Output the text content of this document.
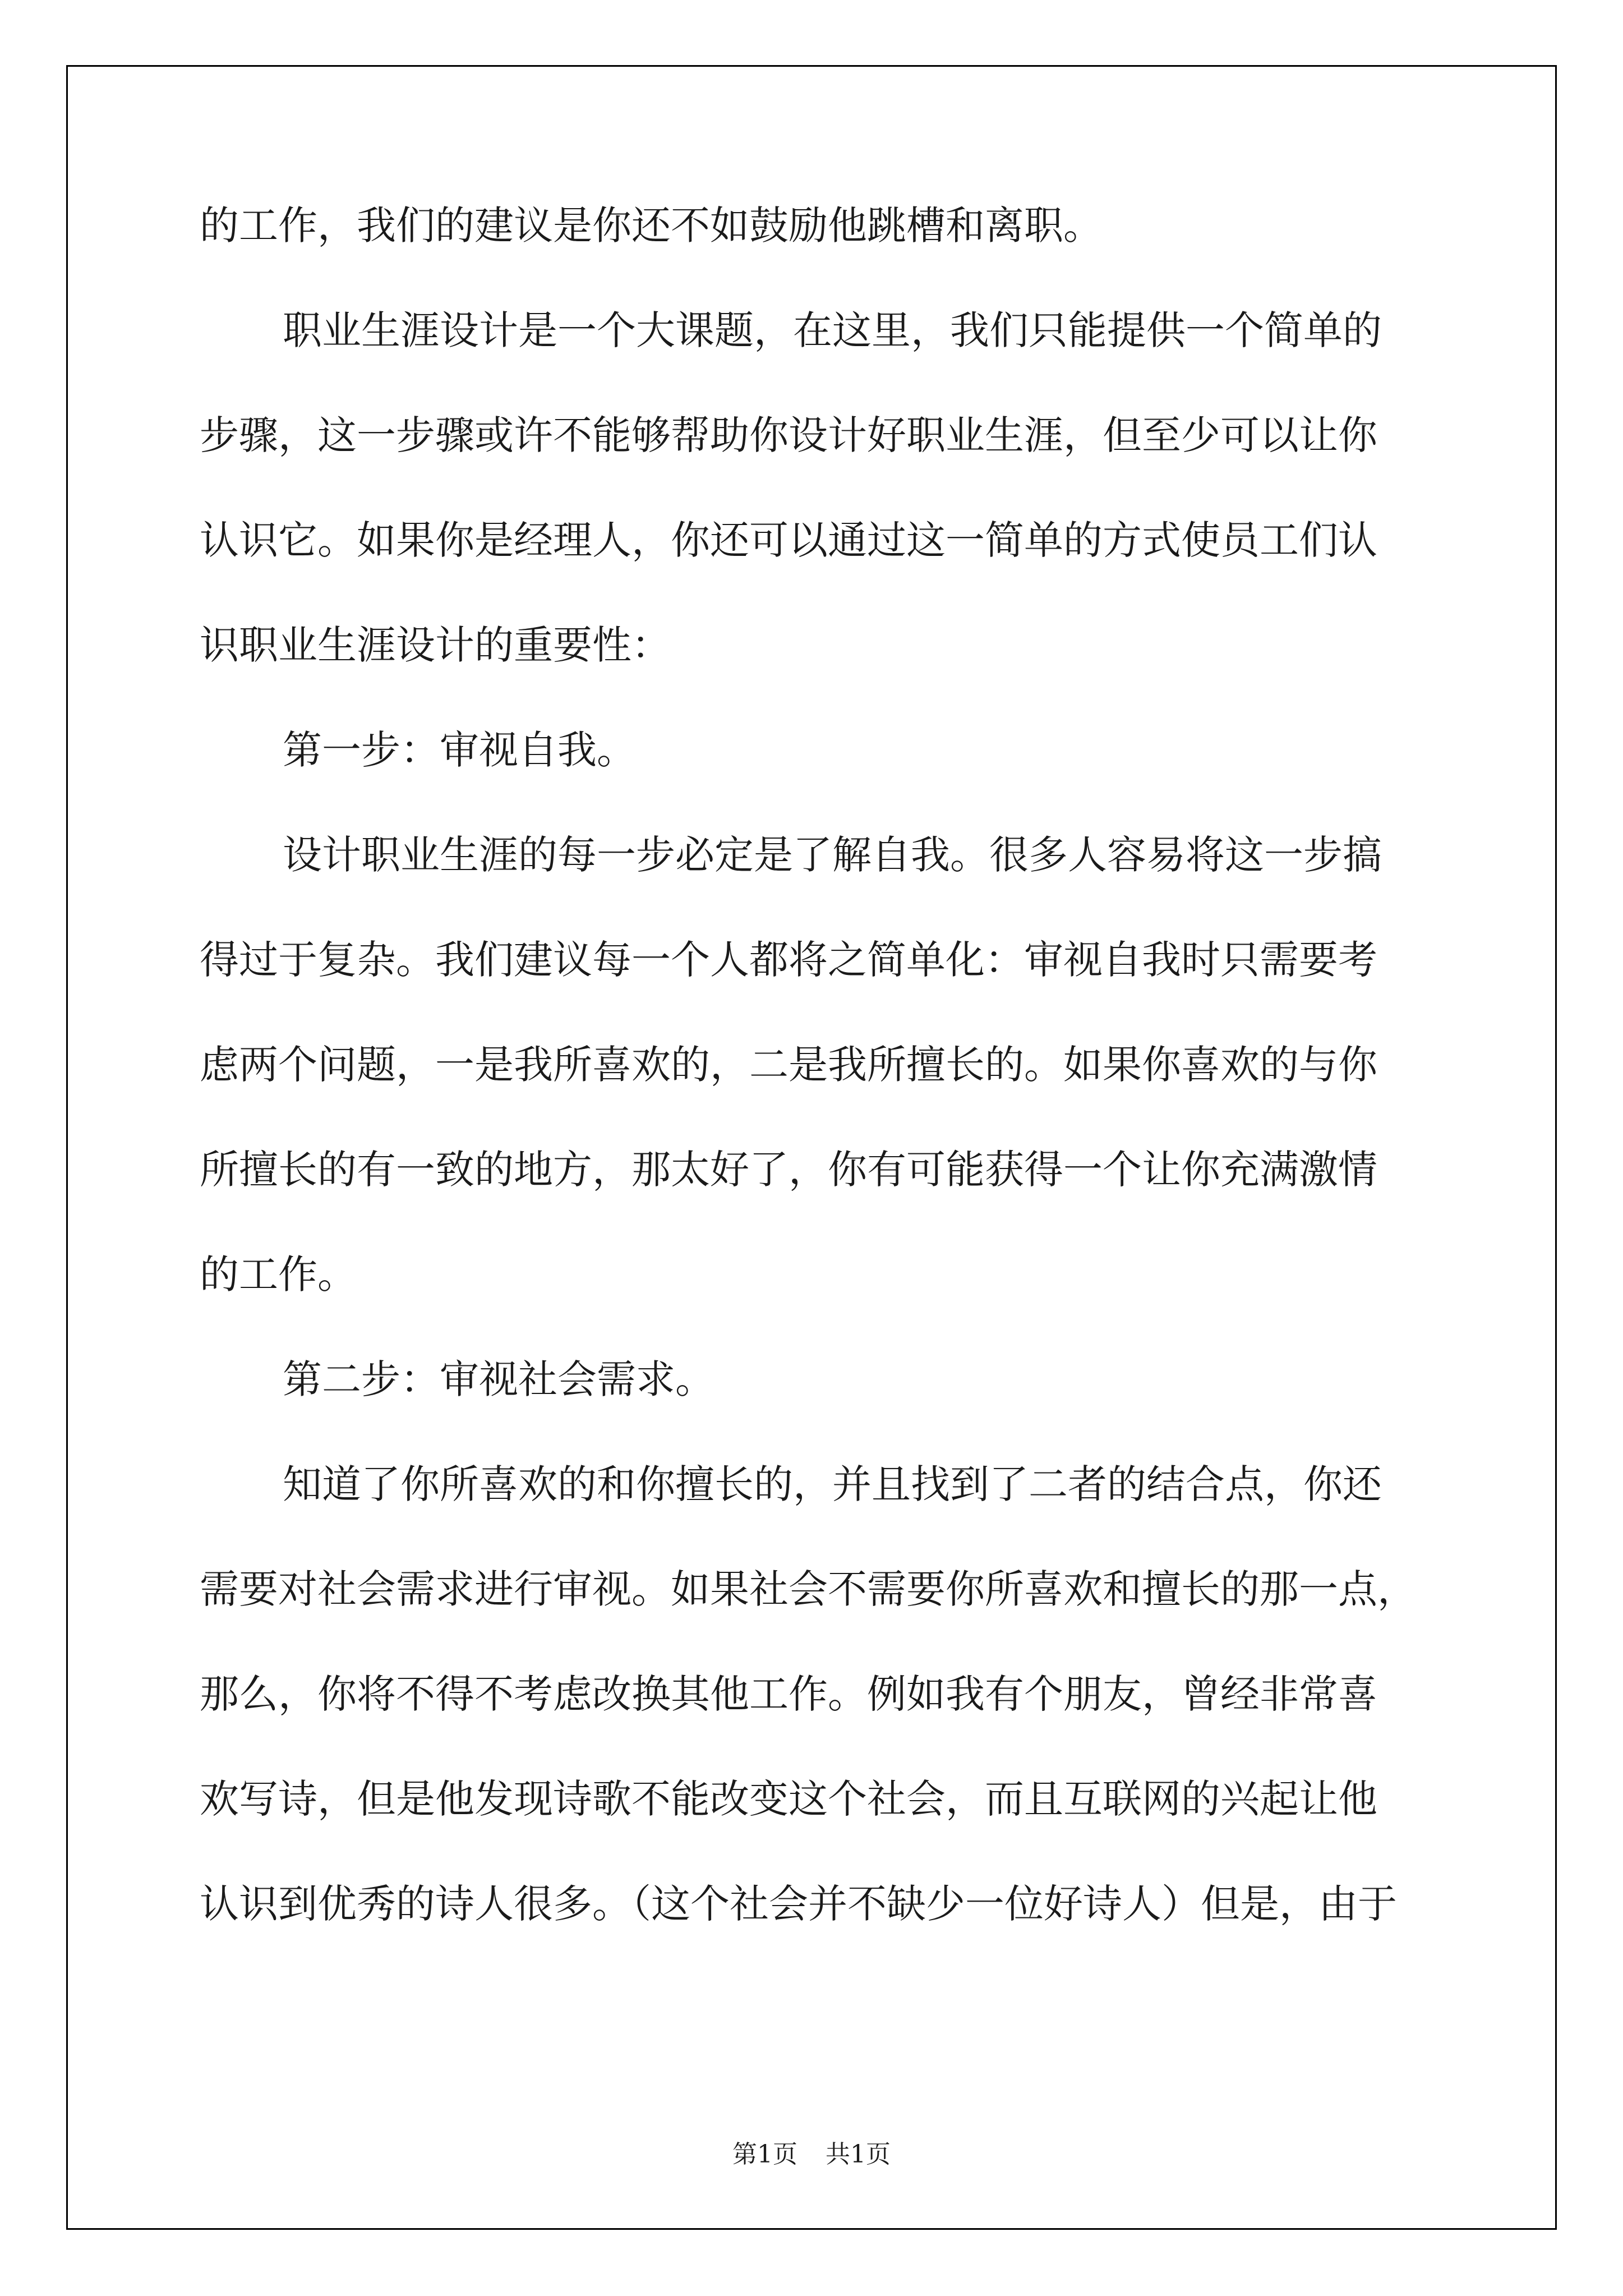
的工作，我们的建议是你还不如鼓励他跳槽和离职。
职业生涯设计是一个大课题，在这里，我们只能提供一个简单的
步骤，这一步骤或许不能够帮助你设计好职业生涯，但至少可以让你
认识它。如果你是经理人，你还可以通过这一简单的方式使员工们认
识职业生涯设计的重要性：
第一步：审视自我。
设计职业生涯的每一步必定是了解自我。很多人容易将这一步搞
得过于复杂。我们建议每一个人都将之简单化：审视自我时只需要考
虑两个问题，一是我所喜欢的，二是我所擅长的。如果你喜欢的与你
所擅长的有一致的地方，那太好了，你有可能获得一个让你充满激情
的工作。
第二步：审视社会需求。
知道了你所喜欢的和你擅长的，并且找到了二者的结合点，你还
需要对社会需求进行审视。如果社会不需要你所喜欢和擅长的那一点，
那么，你将不得不考虑改换其他工作。例如我有个朋友，曾经非常喜
欢写诗，但是他发现诗歌不能改变这个社会，而且互联网的兴起让他
认识到优秀的诗人很多。（这个社会并不缺少一位好诗人）但是，由于
第1页 共1页
